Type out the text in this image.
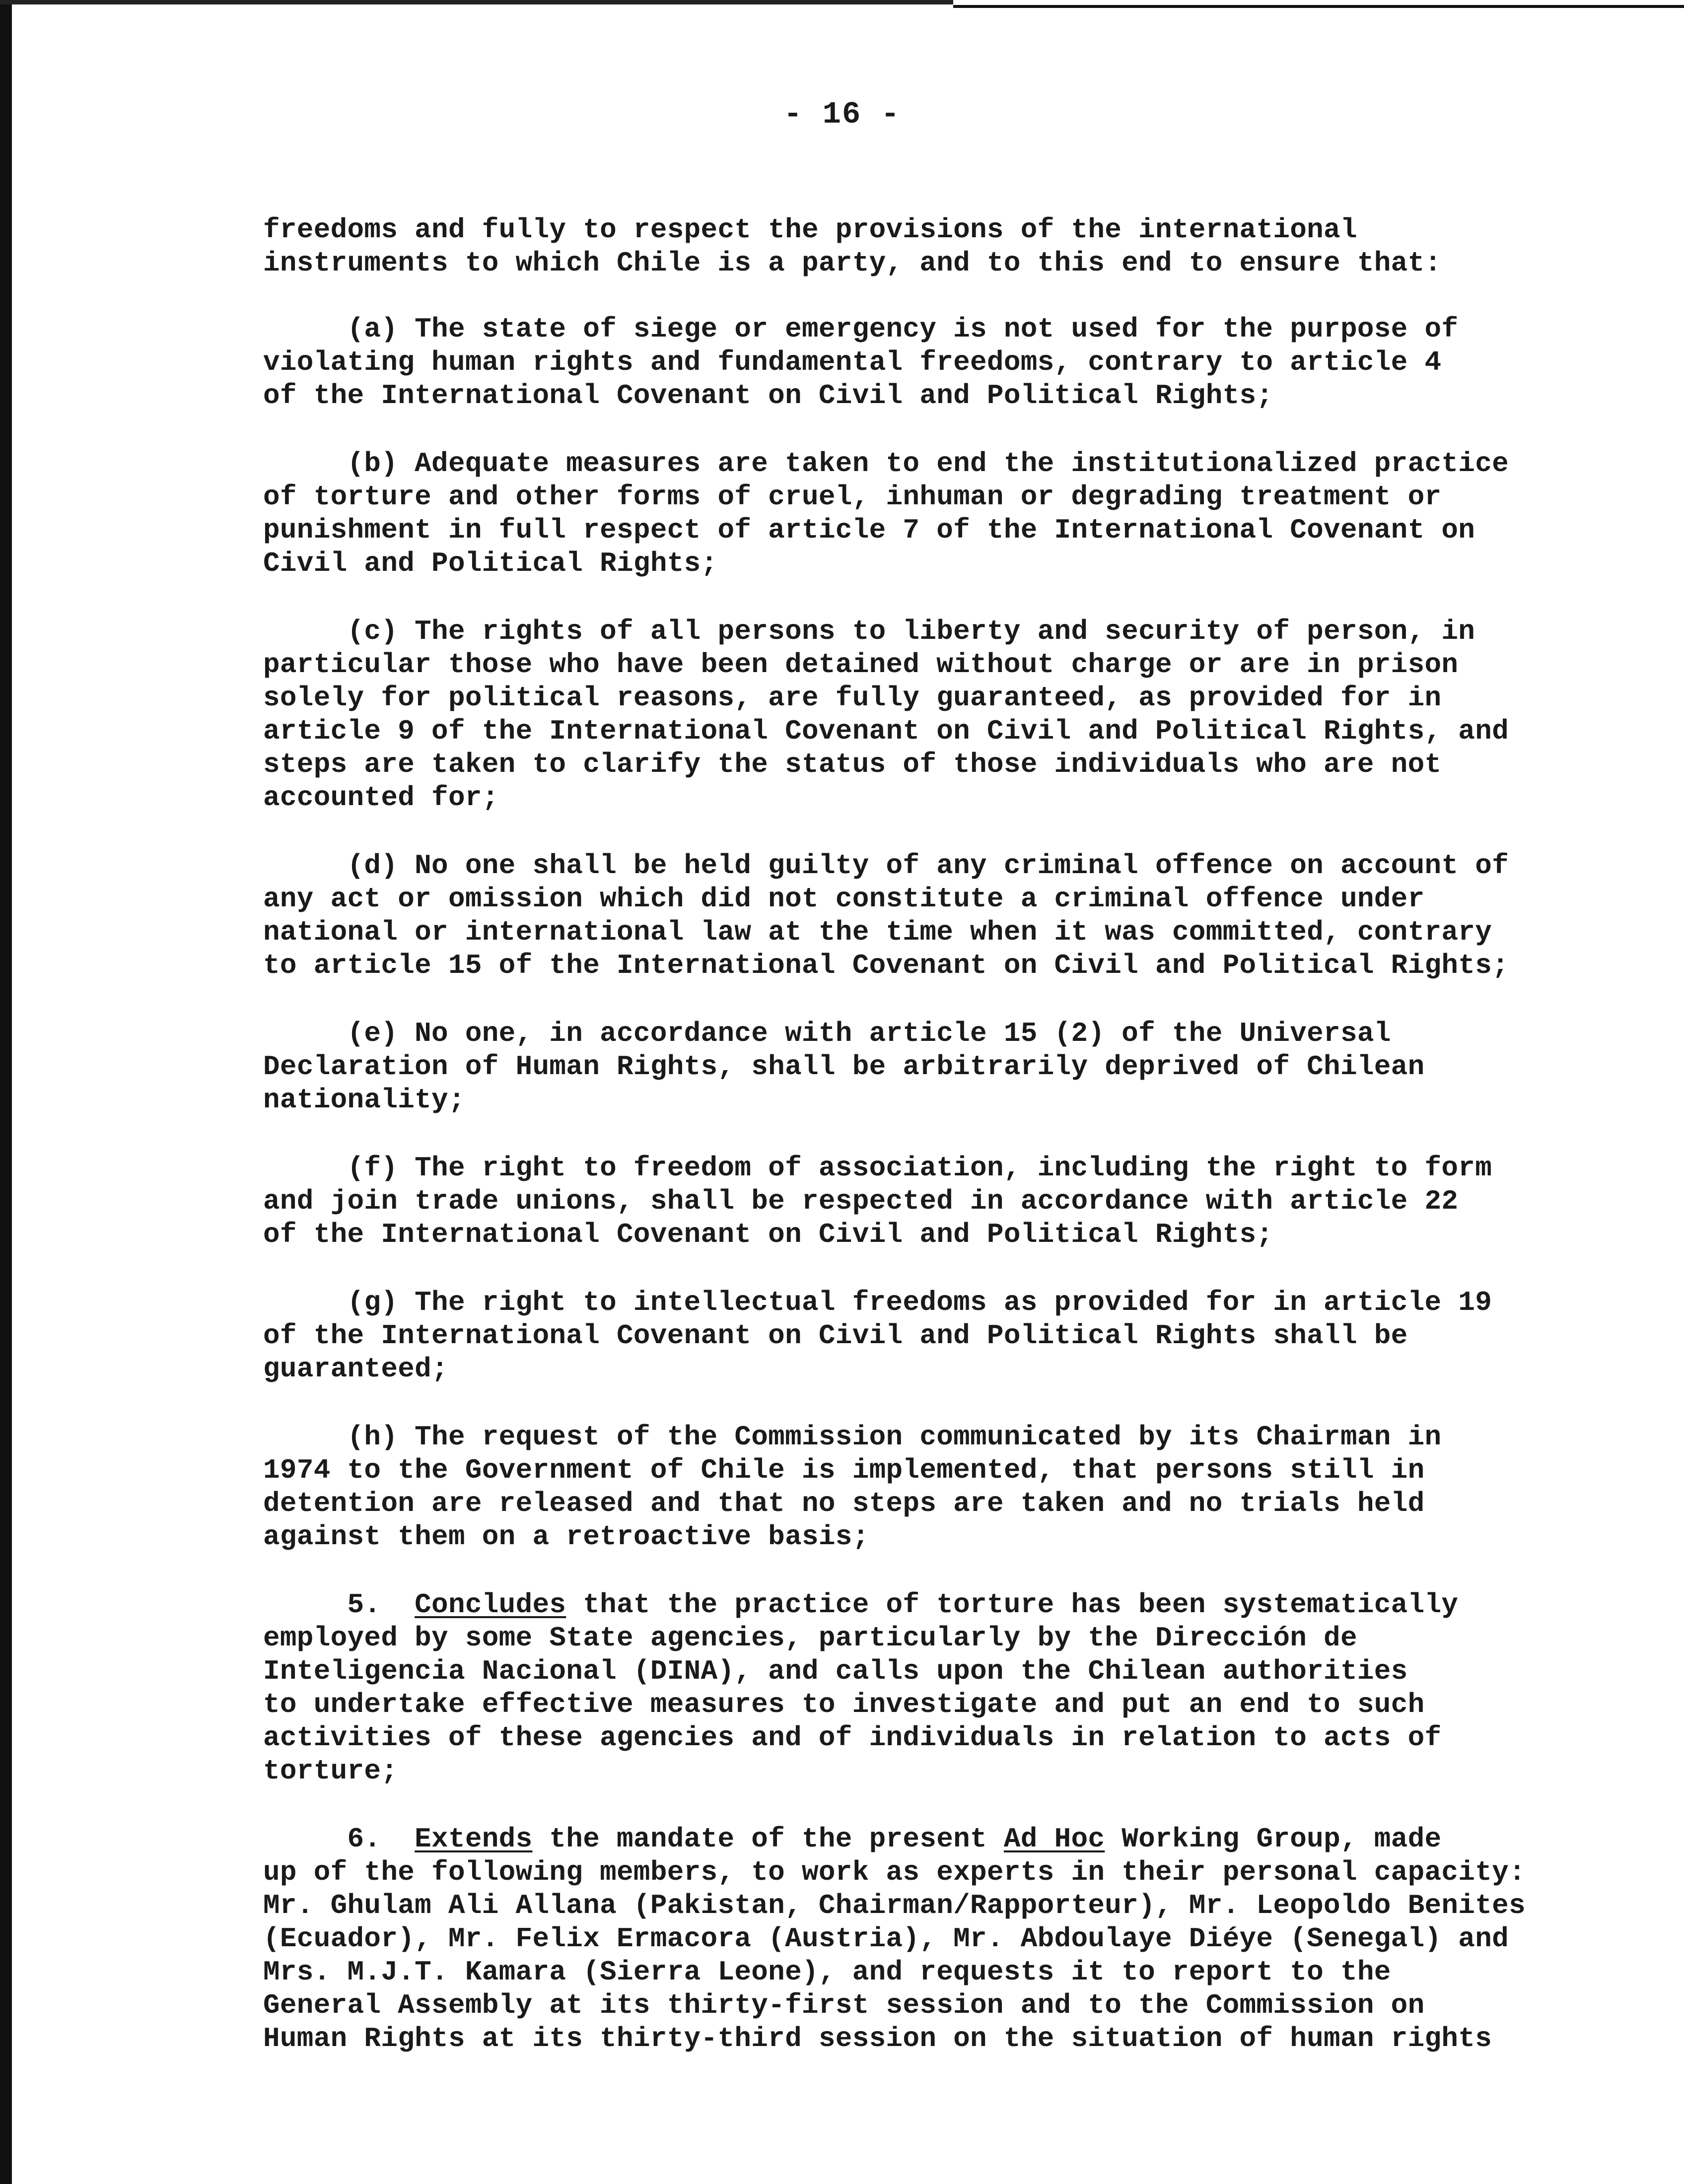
- 16 -

freedoms and fully to respect the provisions of the international
instruments to which Chile is a party, and to this end to ensure that:

(a) The state of siege or emergency is not used for the purpose of
violating human rights and fundamental freedoms, contrary to article 4
of the International Covenant on Civil and Political Rights;

(b) Adequate measures are taken to end the institutionalized practice
of torture and other forms of cruel, inhuman or degrading treatment or
punishment in full respect of article 7 of the International Covenant on
Civil and Political Rights;

(c) The rights of all persons to liberty and security of person, in
particular those who have been detained without charge or are in prison
solely for political reasons, are fully guaranteed, as provided for in
article 9 of the International Covenant on Civil and Political Rights, and
steps are taken to clarify the status of those individuals who are not
accounted for;

(d) No one shall be held guilty of any criminal offence on account of
any act or omission which did not constitute a criminal offence under
national or international law at the time when it was committed, contrary
to article 15 of the International Covenant on Civil and Political Rights;

(e) No one, in accordance with article 15 (2) of the Universal
Declaration of Human Rights, shall be arbitrarily deprived of Chilean
nationality;

(f) The right to freedom of association, including the right to form
and join trade unions, shall be respected in accordance with article 22
of the International Covenant on Civil and Political Rights;

(g) The right to intellectual freedoms as provided for in article 19
of the International Covenant on Civil and Political Rights shall be
guaranteed;

(h) The request of the Commission communicated by its Chairman in
1974 to the Government of Chile is implemented, that persons still in
detention are released and that no steps are taken and no trials held
against them on a retroactive basis;

5. Concludes that the practice of torture has been systematically
employed by some State agencies, particularly by the Dirección de
Inteligencia Nacional (DINA), and calls upon the Chilean authorities
to undertake effective measures to investigate and put an end to such
activities of these agencies and of individuals in relation to acts of
torture;

6. Extends the mandate of the present Ad Hoc Working Group, made
up of the following members, to work as experts in their personal capacity:
Mr. Ghulam Ali Allana (Pakistan, Chairman/Rapporteur), Mr. Leopoldo Benites
(Ecuador), Mr. Felix Ermacora (Austria), Mr. Abdoulaye Diéye (Senegal) and
Mrs. M.J.T. Kamara (Sierra Leone), and requests it to report to the
General Assembly at its thirty-first session and to the Commission on
Human Rights at its thirty-third session on the situation of human rights
